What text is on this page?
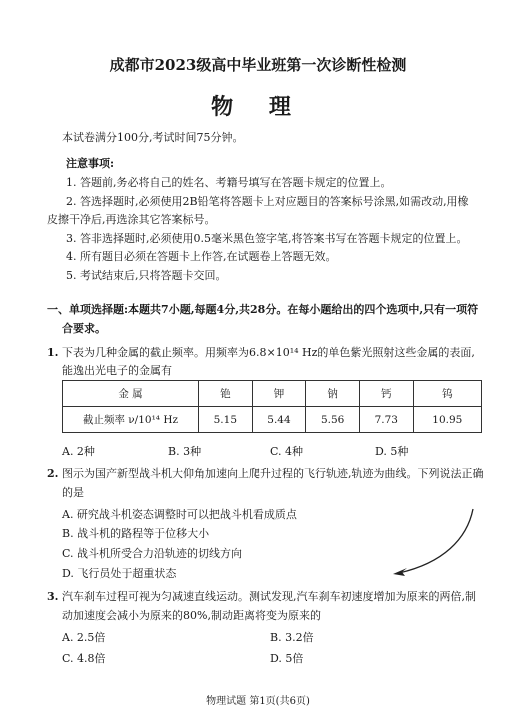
成都市2023级高中毕业班第一次诊断性检测
物 理
本试卷满分100分,考试时间75分钟。
注意事项:
1. 答题前,务必将自己的姓名、考籍号填写在答题卡规定的位置上。
2. 答选择题时,必须使用2B铅笔将答题卡上对应题目的答案标号涂黑,如需改动,用橡
皮擦干净后,再选涂其它答案标号。
3. 答非选择题时,必须使用0.5毫米黑色签字笔,将答案书写在答题卡规定的位置上。
4. 所有题目必须在答题卡上作答,在试题卷上答题无效。
5. 考试结束后,只将答题卡交回。
一、单项选择题:本题共7小题,每题4分,共28分。在每小题给出的四个选项中,只有一项符
合要求。
1. 下表为几种金属的截止频率。用频率为6.8×10¹⁴ Hz的单色紫光照射这些金属的表面,
能逸出光电子的金属有
金 属	铯	钾	钠	钙	钨
截止频率 ν/10¹⁴ Hz	5.15	5.44	5.56	7.73	10.95
A. 2种	B. 3种	C. 4种	D. 5种
2. 图示为国产新型战斗机大仰角加速向上爬升过程的飞行轨迹,轨迹为曲线。下列说法正确
的是
A. 研究战斗机姿态调整时可以把战斗机看成质点
B. 战斗机的路程等于位移大小
C. 战斗机所受合力沿轨迹的切线方向
D. 飞行员处于超重状态
3. 汽车刹车过程可视为匀减速直线运动。测试发现,汽车刹车初速度增加为原来的两倍,制
动加速度会减小为原来的80%,制动距离将变为原来的
A. 2.5倍	B. 3.2倍
C. 4.8倍	D. 5倍
物理试题 第1页(共6页)
